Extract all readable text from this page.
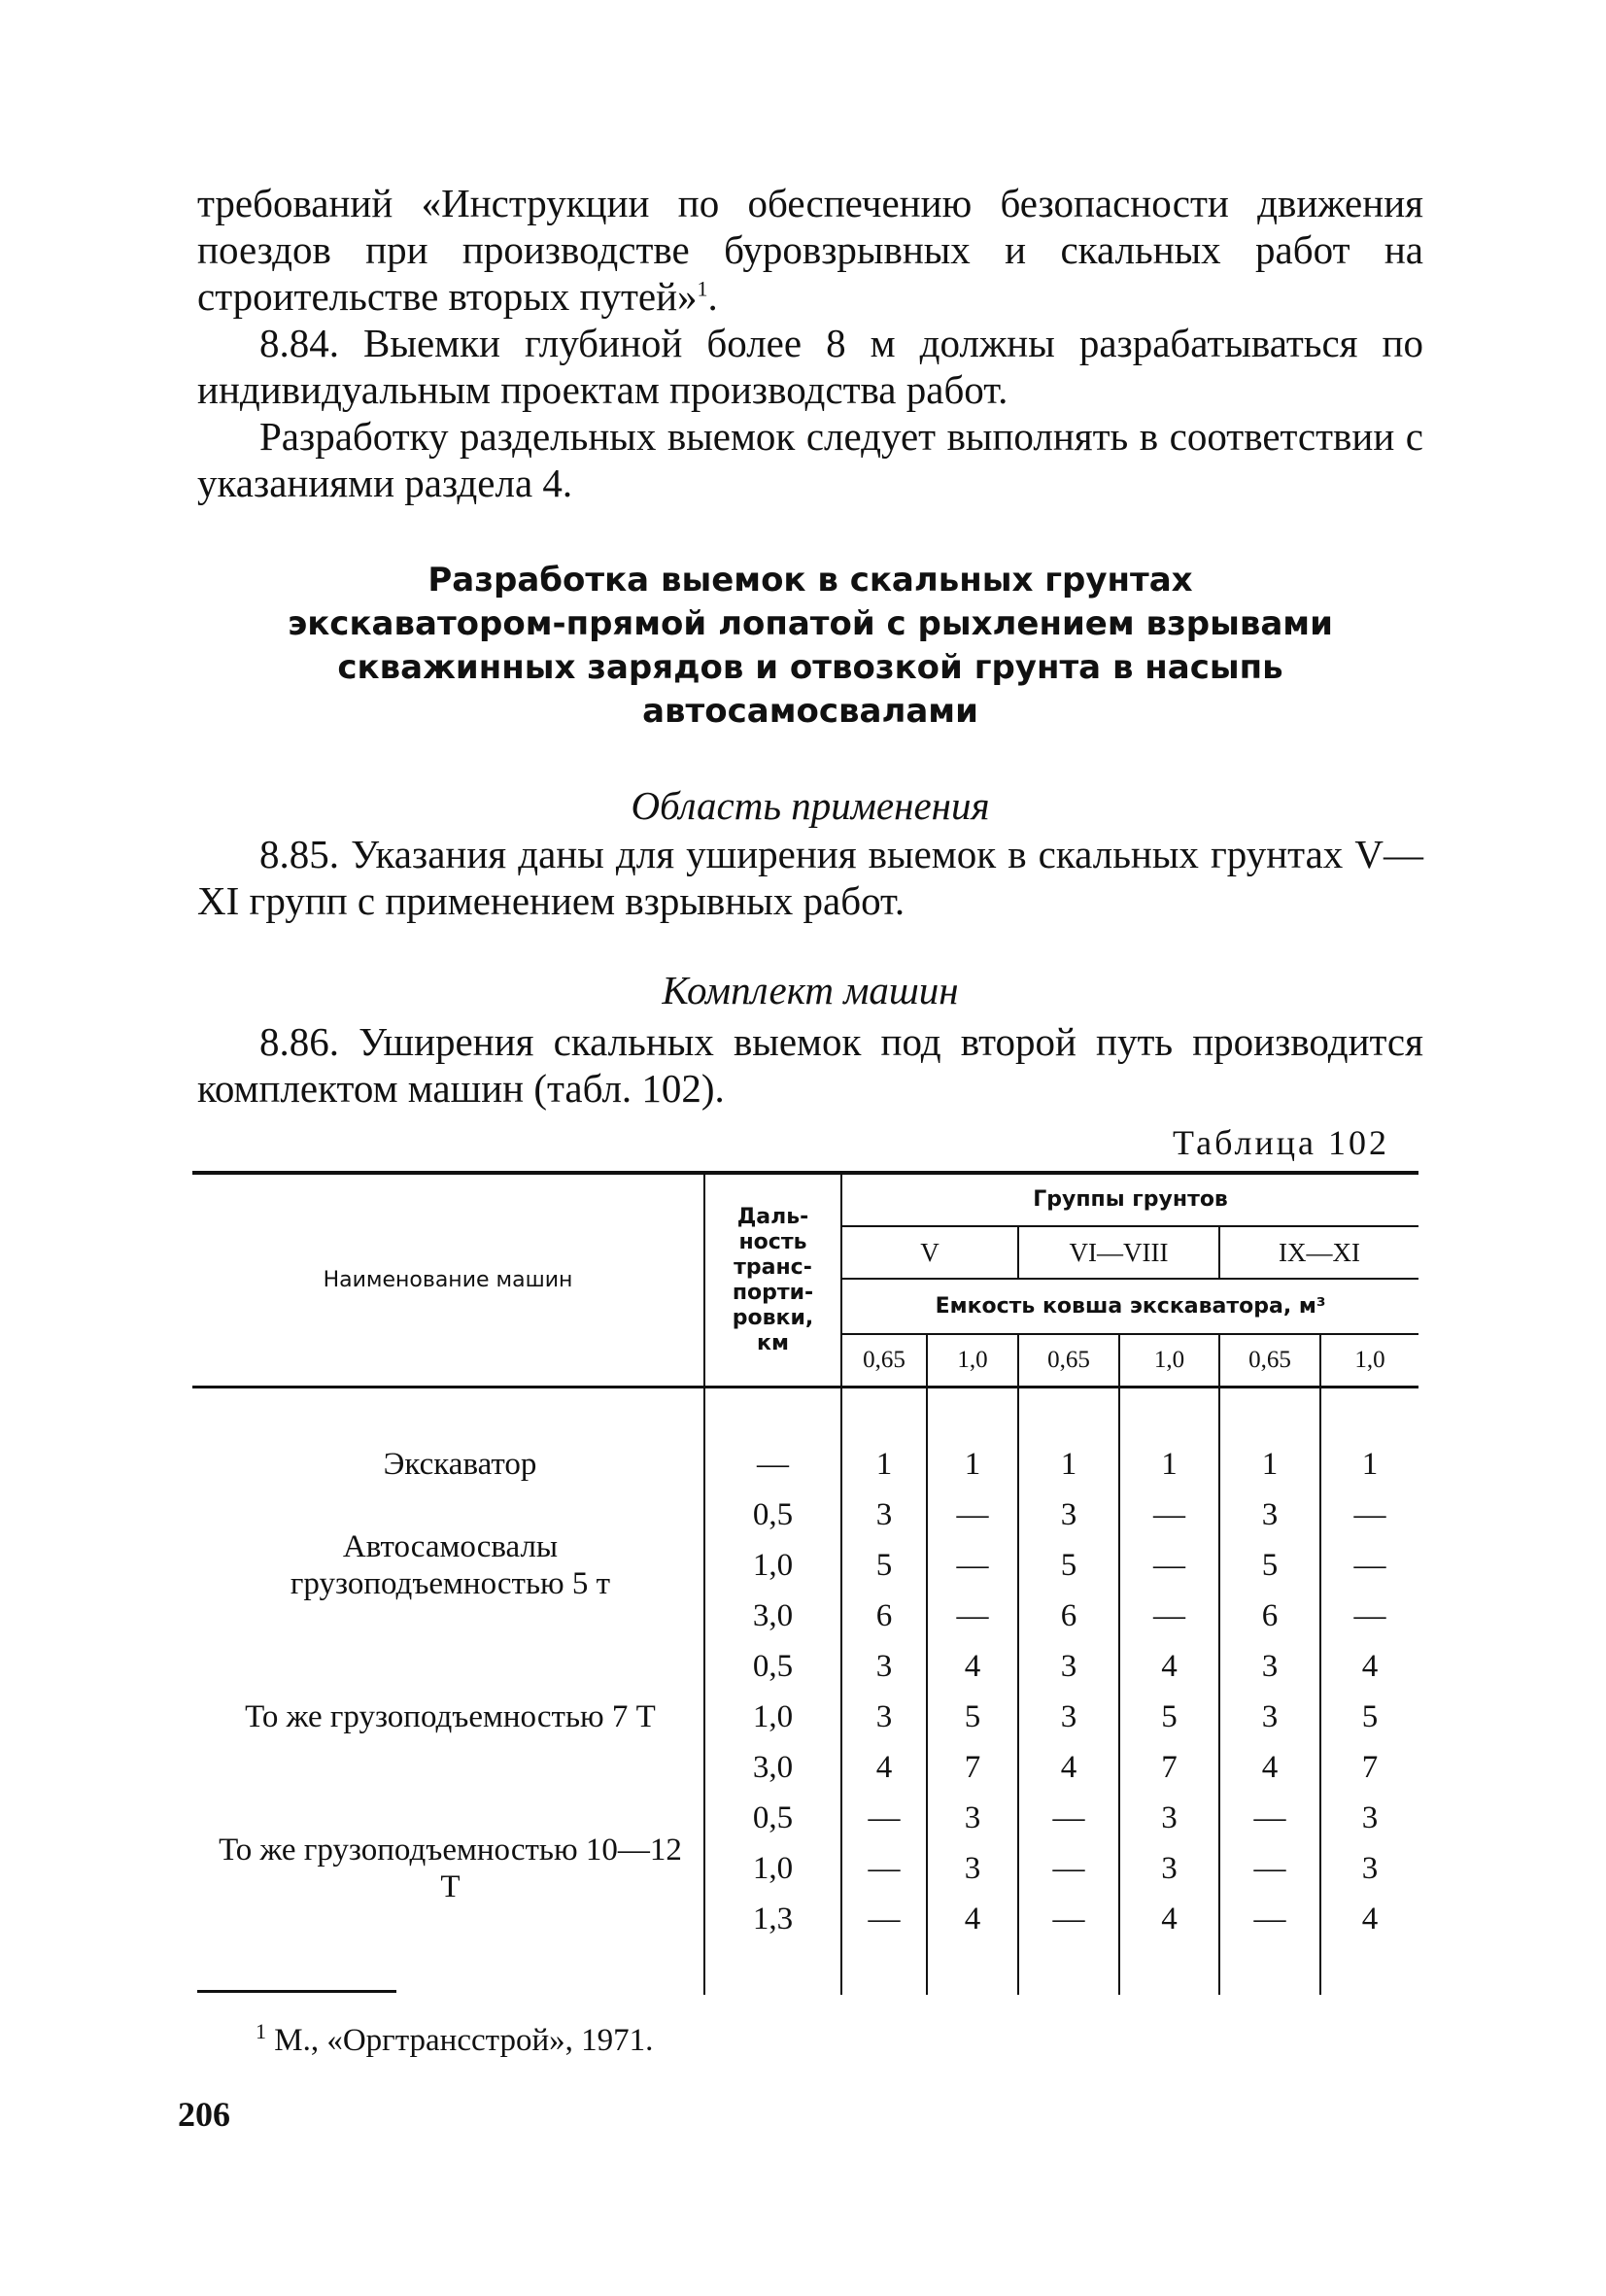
требований «Инструкции по обеспечению безопасности движения поездов при производстве буровзрывных и скальных работ на строительстве вторых путей»$^1$.

8.84. Выемки глубиной более 8 м должны разрабатываться по индивидуальным проектам производства работ.

Разработку раздельных выемок следует выполнять в соответствии с указаниями раздела 4.

Разработка выемок в скальных грунтах
экскаватором-прямой лопатой с рыхлением взрывами
скважинных зарядов и отвозкой грунта в насыпь
автосамосвалами
Область применения

8.85. Указания даны для уширения выемок в скальных грунтах V—XI групп с применением взрывных работ.

Комплект машин

8.86. Уширения скальных выемок под второй путь производится комплектом машин (табл. 102).

Таблица 102
Наименование машин	Даль-ность транс-порти-ровки, км	Группы грунтов					
		V		VI—VIII		IX—XI	
		Емкость ковша экскаватора, м³					
		0,65	1,0	0,65	1,0	0,65	1,0

Экскаватор	—	1	1	1	1	1	1
Автосамосвалы грузоподъемностью 5 т	0,5	3	—	3	—	3	—
	1,0	5	—	5	—	5	—
	3,0	6	—	6	—	6	—
То же грузоподъемностью 7 Т	0,5	3	4	3	4	3	4
	1,0	3	5	3	5	3	5
	3,0	4	7	4	7	4	7
То же грузоподъемностью 10—12 Т	0,5	—	3	—	3	—	3
	1,0	—	3	—	3	—	3
	1,3	—	4	—	4	—	4

$^1$ М., «Оргтрансстрой», 1971.
206
